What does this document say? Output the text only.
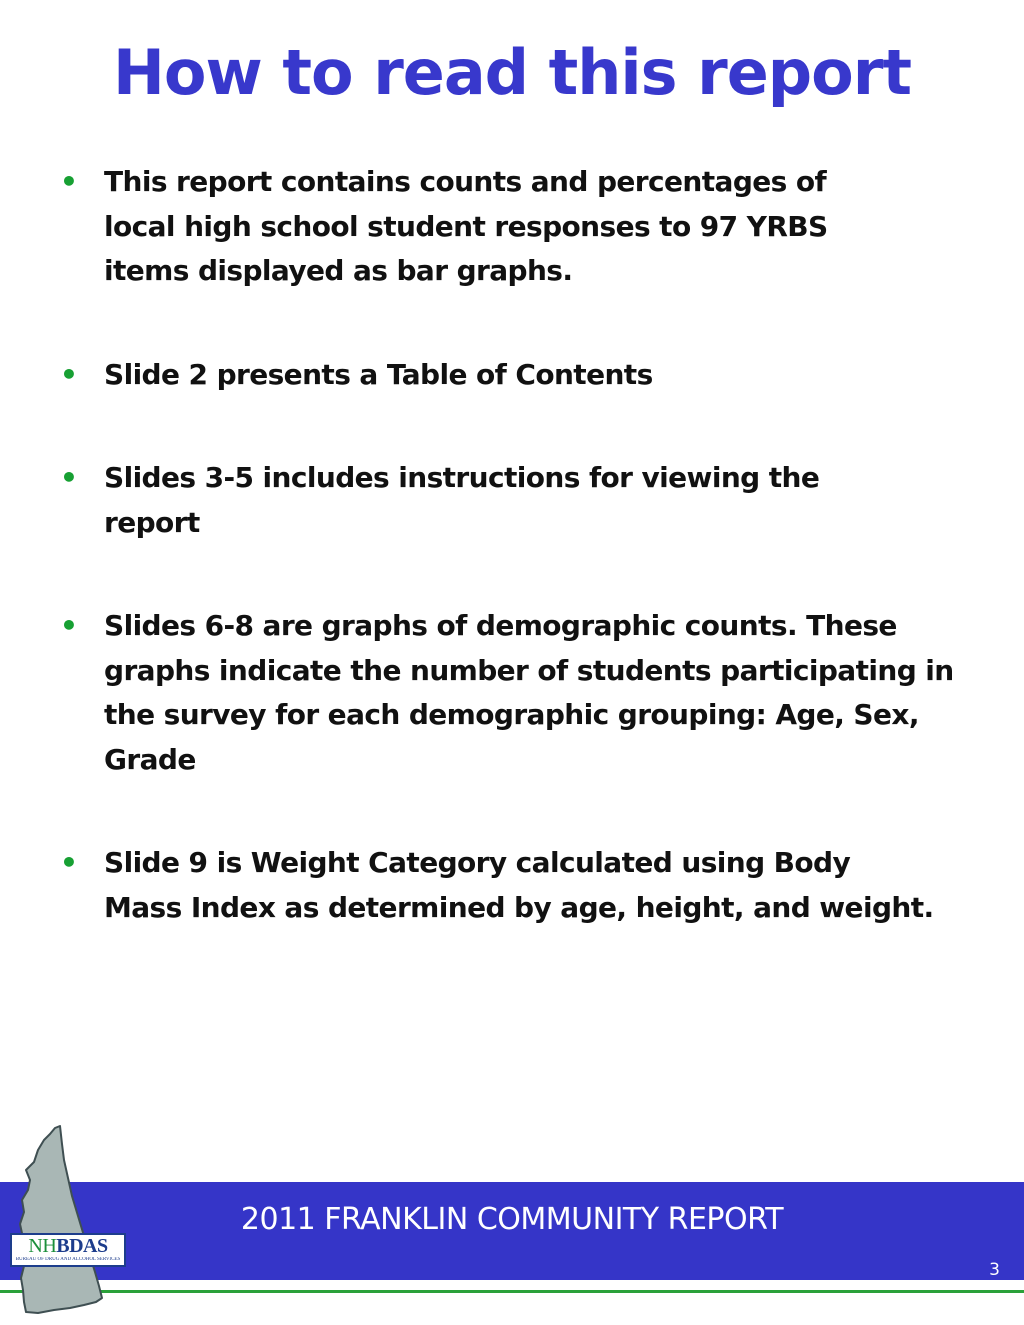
How to read this report
• This report contains counts and percentages of local high school student responses to 97 YRBS items displayed as bar graphs.
• Slide 2 presents a Table of Contents
• Slides 3-5 includes instructions for viewing the report
• Slides 6-8 are graphs of demographic counts. These graphs indicate the number of students participating in the survey for each demographic grouping: Age, Sex, Grade
• Slide 9 is Weight Category calculated using Body Mass Index as determined by age, height, and weight.
2011 FRANKLIN COMMUNITY REPORT
3
NHBDAS
BUREAU OF DRUG AND ALCOHOL SERVICES
